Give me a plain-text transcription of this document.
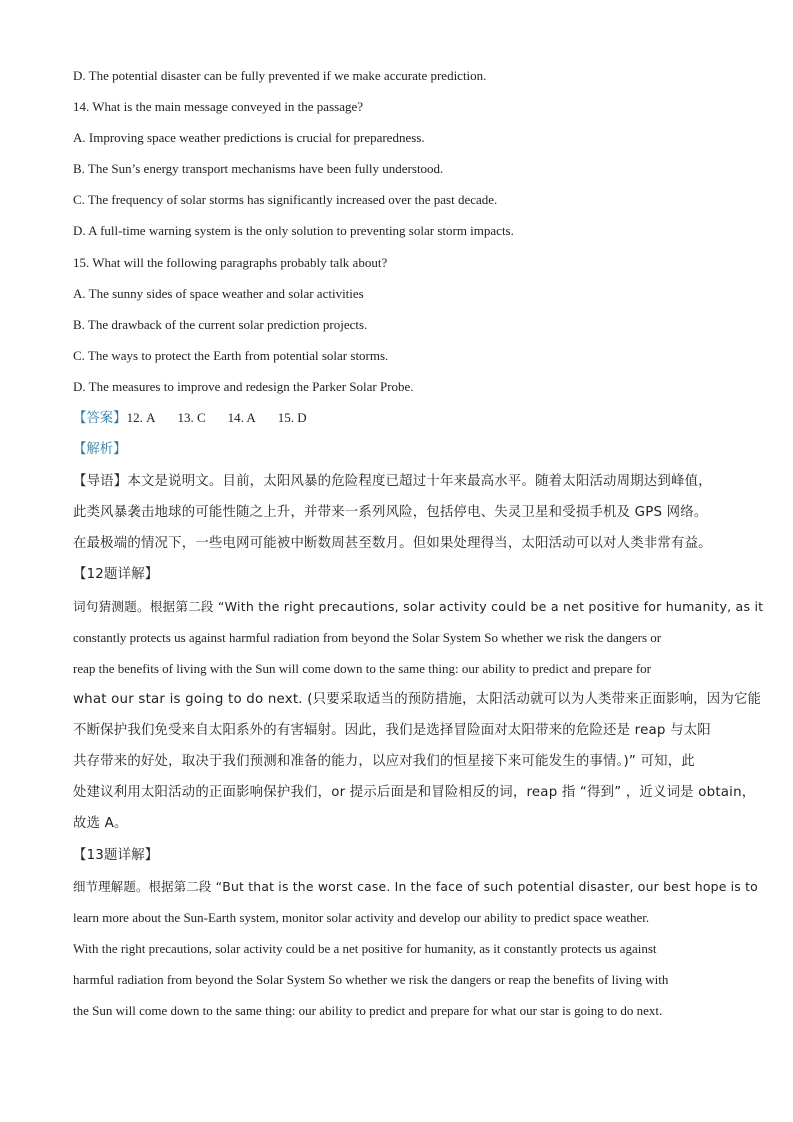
D. The potential disaster can be fully prevented if we make accurate prediction.
14. What is the main message conveyed in the passage?
A. Improving space weather predictions is crucial for preparedness.
B. The Sun’s energy transport mechanisms have been fully understood.
C. The frequency of solar storms has significantly increased over the past decade.
D. A full-time warning system is the only solution to preventing solar storm impacts.
15. What will the following paragraphs probably talk about?
A. The sunny sides of space weather and solar activities
B. The drawback of the current solar prediction projects.
C. The ways to protect the Earth from potential solar storms.
D. The measures to improve and redesign the Parker Solar Probe.
【答案】12. A 13. C 14. A 15. D
【解析】
【导语】本文是说明文。目前，太阳风暴的危险程度已超过十年来最高水平。随着太阳活动周期达到峰值，
此类风暴袭击地球的可能性随之上升，并带来一系列风险，包括停电、失灵卫星和受损手机及 GPS 网络。
在最极端的情况下，一些电网可能被中断数周甚至数月。但如果处理得当，太阳活动可以对人类非常有益。
【12题详解】
词句猜测题。根据第二段 “With the right precautions, solar activity could be a net positive for humanity, as it
constantly protects us against harmful radiation from beyond the Solar System So whether we risk the dangers or
reap the benefits of living with the Sun will come down to the same thing: our ability to predict and prepare for
what our star is going to do next. (只要采取适当的预防措施，太阳活动就可以为人类带来正面影响，因为它能
不断保护我们免受来自太阳系外的有害辐射。因此，我们是选择冒险面对太阳带来的危险还是 reap 与太阳
共存带来的好处，取决于我们预测和准备的能力，以应对我们的恒星接下来可能发生的事情。)” 可知，此
处建议利用太阳活动的正面影响保护我们，or 提示后面是和冒险相反的词，reap 指 “得到” ，近义词是 obtain，
故选 A。
【13题详解】
细节理解题。根据第二段 “But that is the worst case. In the face of such potential disaster, our best hope is to
learn more about the Sun-Earth system, monitor solar activity and develop our ability to predict space weather.
With the right precautions, solar activity could be a net positive for humanity, as it constantly protects us against
harmful radiation from beyond the Solar System So whether we risk the dangers or reap the benefits of living with
the Sun will come down to the same thing: our ability to predict and prepare for what our star is going to do next.
